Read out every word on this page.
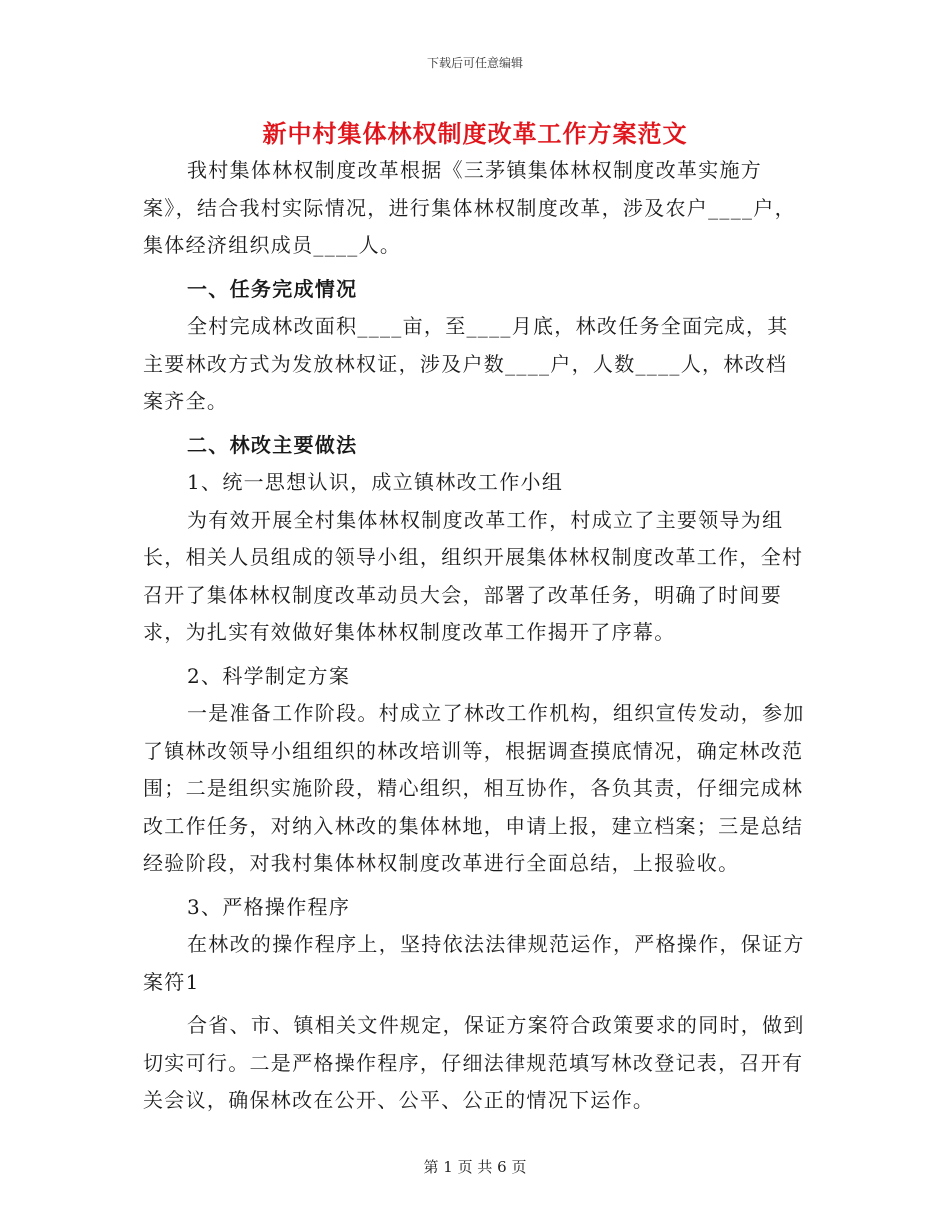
下载后可任意编辑
新中村集体林权制度改革工作方案范文

我村集体林权制度改革根据《三茅镇集体林权制度改革实施方案》，结合我村实际情况，进行集体林权制度改革，涉及农户____户，集体经济组织成员____人。

一、任务完成情况

全村完成林改面积____亩，至____月底，林改任务全面完成，其主要林改方式为发放林权证，涉及户数____户，人数____人，林改档案齐全。

二、林改主要做法

1、统一思想认识，成立镇林改工作小组

为有效开展全村集体林权制度改革工作，村成立了主要领导为组长，相关人员组成的领导小组，组织开展集体林权制度改革工作，全村召开了集体林权制度改革动员大会，部署了改革任务，明确了时间要求，为扎实有效做好集体林权制度改革工作揭开了序幕。

2、科学制定方案

一是准备工作阶段。村成立了林改工作机构，组织宣传发动，参加了镇林改领导小组组织的林改培训等，根据调查摸底情况，确定林改范围；二是组织实施阶段，精心组织，相互协作，各负其责，仔细完成林改工作任务，对纳入林改的集体林地，申请上报，建立档案；三是总结经验阶段，对我村集体林权制度改革进行全面总结，上报验收。

3、严格操作程序

在林改的操作程序上，坚持依法法律规范运作，严格操作，保证方案符1

合省、市、镇相关文件规定，保证方案符合政策要求的同时，做到切实可行。二是严格操作程序，仔细法律规范填写林改登记表，召开有关会议，确保林改在公开、公平、公正的情况下运作。

第 1 页 共 6 页
